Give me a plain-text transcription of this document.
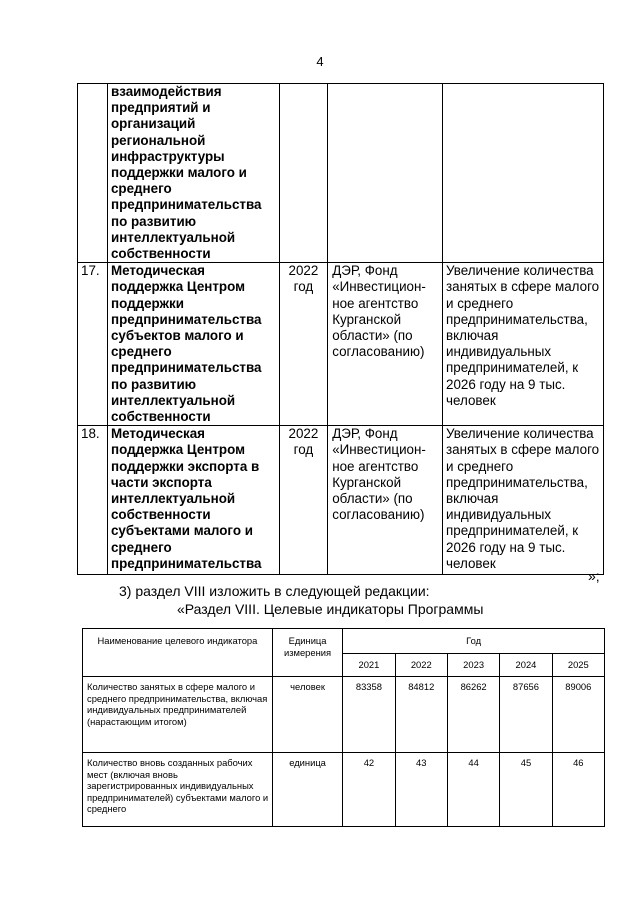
4
	взаимодействия предприятий и организаций региональной инфраструктуры поддержки малого и среднего предпринимательства по развитию интеллектуальной собственности			
17.	Методическая поддержка Центром поддержки предпринимательства субъектов малого и среднего предпринимательства по развитию интеллектуальной собственности	2022 год	ДЭР, Фонд «Инвестицион-ное агентство Курганской области» (по согласованию)	Увеличение количества занятых в сфере малого и среднего предпринимательства, включая индивидуальных предпринимателей, к 2026 году на 9 тыс. человек
18.	Методическая поддержка Центром поддержки экспорта в части экспорта интеллектуальной собственности субъектами малого и среднего предпринимательства	2022 год	ДЭР, Фонд «Инвестицион-ное агентство Курганской области» (по согласованию)	Увеличение количества занятых в сфере малого и среднего предпринимательства, включая индивидуальных предпринимателей, к 2026 году на 9 тыс. человек
»;
3) раздел VIII изложить в следующей редакции:
«Раздел VIII. Целевые индикаторы Программы
Наименование целевого индикатора	Единица измерения	Год				
		2021	2022	2023	2024	2025
Количество занятых в сфере малого и среднего предпринимательства, включая индивидуальных предпринимателей (нарастающим итогом)	человек	83358	84812	86262	87656	89006
Количество вновь созданных рабочих мест (включая вновь зарегистрированных индивидуальных предпринимателей) субъектами малого и среднего	единица	42	43	44	45	46
